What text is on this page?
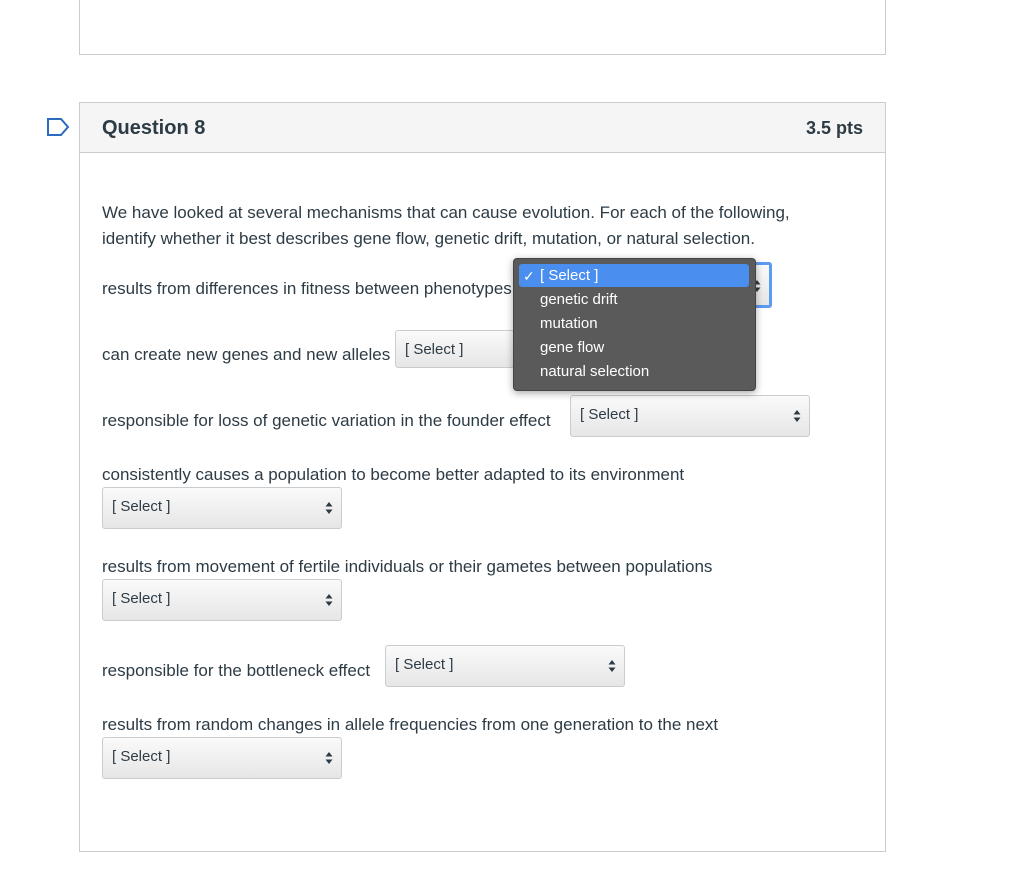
Question 8	3.5 pts
We have looked at several mechanisms that can cause evolution. For each of the following, identify whether it best describes gene flow, genetic drift, mutation, or natural selection.
results from differences in fitness between phenotypes
can create new genes and new alleles [ Select ]
responsible for loss of genetic variation in the founder effect [ Select ]
consistently causes a population to become better adapted to its environment
[ Select ]
results from movement of fertile individuals or their gametes between populations
[ Select ]
responsible for the bottleneck effect [ Select ]
results from random changes in allele frequencies from one generation to the next
[ Select ]
✓ [ Select ]
genetic drift
mutation
gene flow
natural selection
